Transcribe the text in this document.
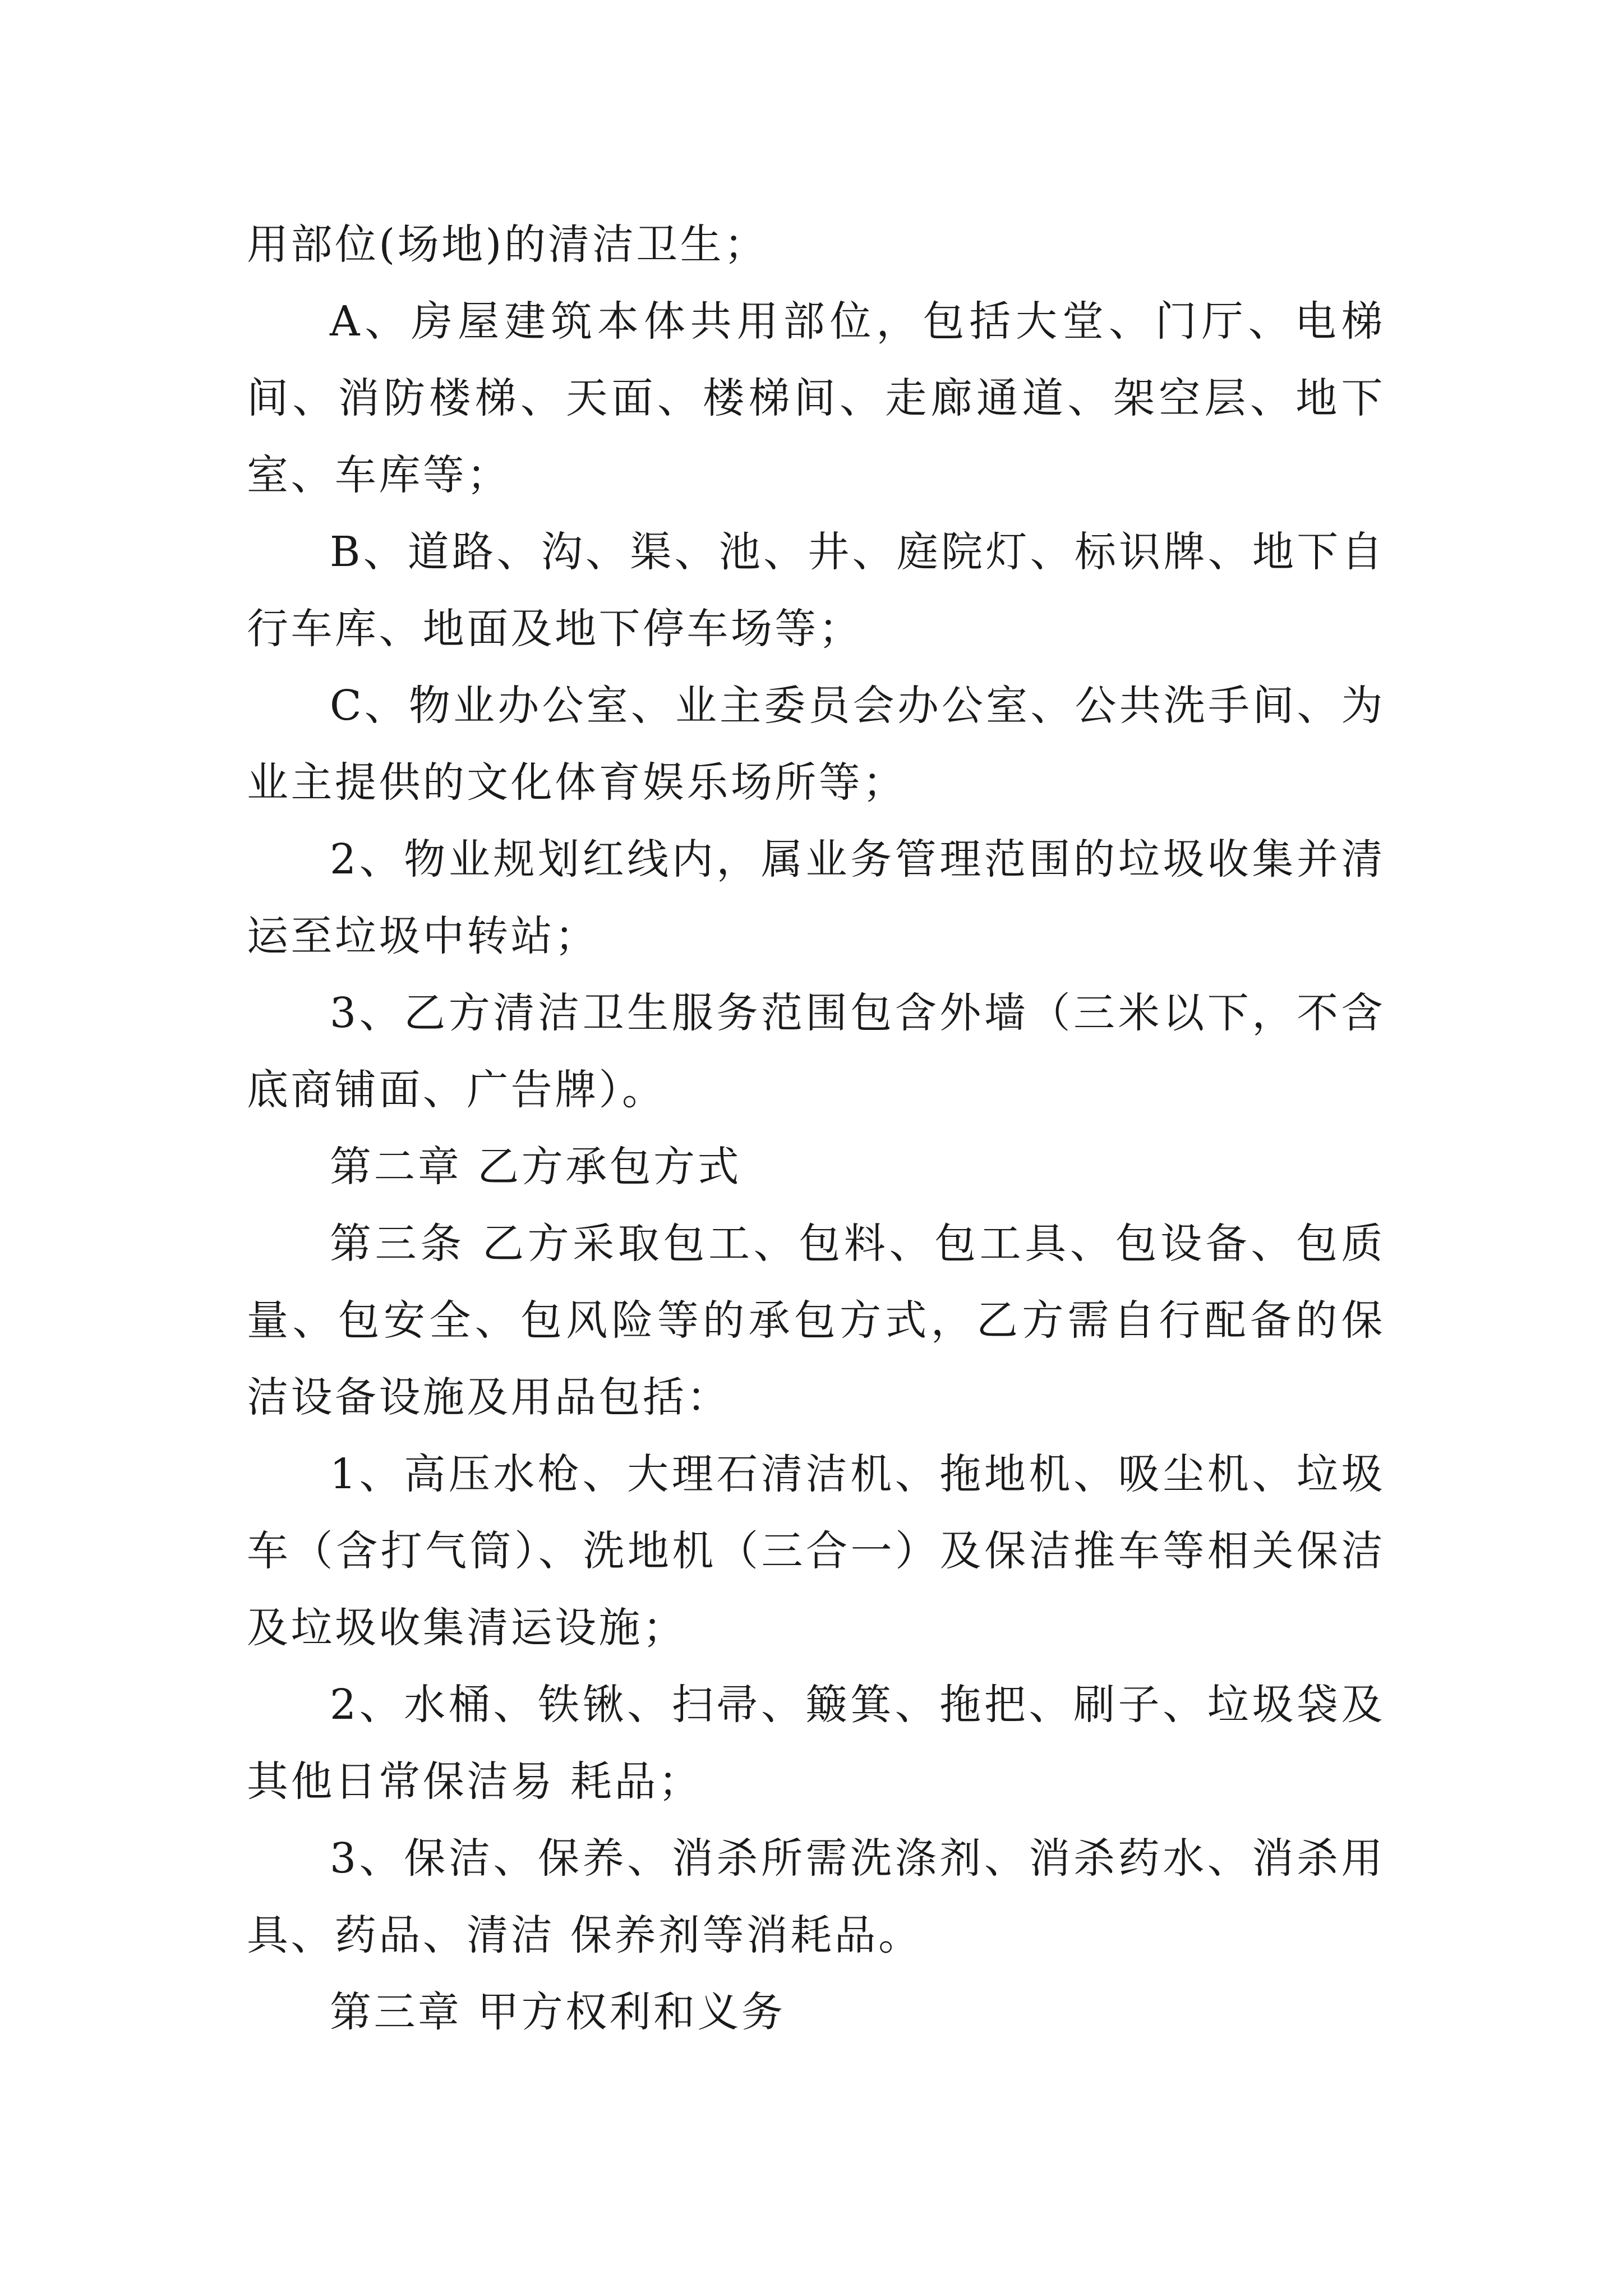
用部位(场地)的清洁卫生；

A、房屋建筑本体共用部位，包括大堂、门厅、电梯间、消防楼梯、天面、楼梯间、走廊通道、架空层、地下室、车库等；

B、道路、沟、渠、池、井、庭院灯、标识牌、地下自行车库、地面及地下停车场等；

C、物业办公室、业主委员会办公室、公共洗手间、为业主提供的文化体育娱乐场所等；

2、物业规划红线内，属业务管理范围的垃圾收集并清运至垃圾中转站；

3、乙方清洁卫生服务范围包含外墙（三米以下，不含底商铺面、广告牌）。

第二章 乙方承包方式

第三条 乙方采取包工、包料、包工具、包设备、包质量、包安全、包风险等的承包方式，乙方需自行配备的保洁设备设施及用品包括：

1、高压水枪、大理石清洁机、拖地机、吸尘机、垃圾车（含打气筒）、洗地机（三合一）及保洁推车等相关保洁及垃圾收集清运设施；

2、水桶、铁锹、扫帚、簸箕、拖把、刷子、垃圾袋及其他日常保洁易 耗品；

3、保洁、保养、消杀所需洗涤剂、消杀药水、消杀用具、药品、清洁 保养剂等消耗品。

第三章 甲方权利和义务
